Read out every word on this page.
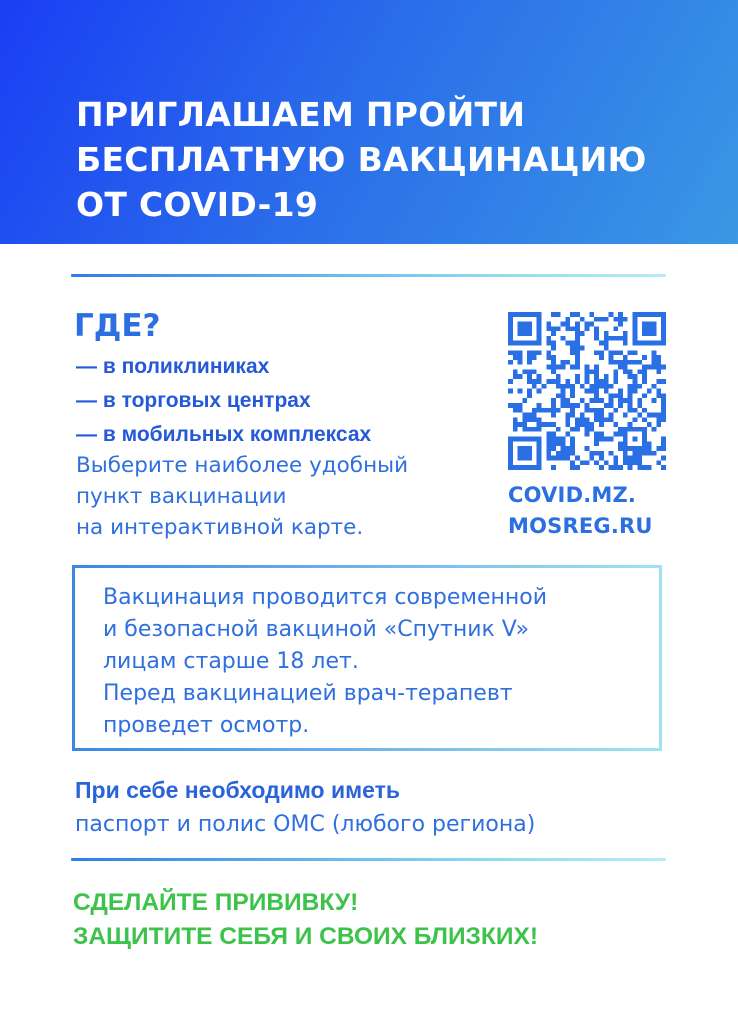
ПРИГЛАШАЕМ ПРОЙТИ
БЕСПЛАТНУЮ ВАКЦИНАЦИЮ
ОТ COVID-19
ГДЕ?
— в поликлиниках
— в торговых центрах
— в мобильных комплексах
Выберите наиболее удобный
пункт вакцинации
на интерактивной карте.
COVID.MZ.
MOSREG.RU
Вакцинация проводится современной
и безопасной вакциной «Спутник V»
лицам старше 18 лет.
Перед вакцинацией врач-терапевт
проведет осмотр.
При себе необходимо иметь
паспорт и полис ОМС (любого региона)
СДЕЛАЙТЕ ПРИВИВКУ!
ЗАЩИТИТЕ СЕБЯ И СВОИХ БЛИЗКИХ!
